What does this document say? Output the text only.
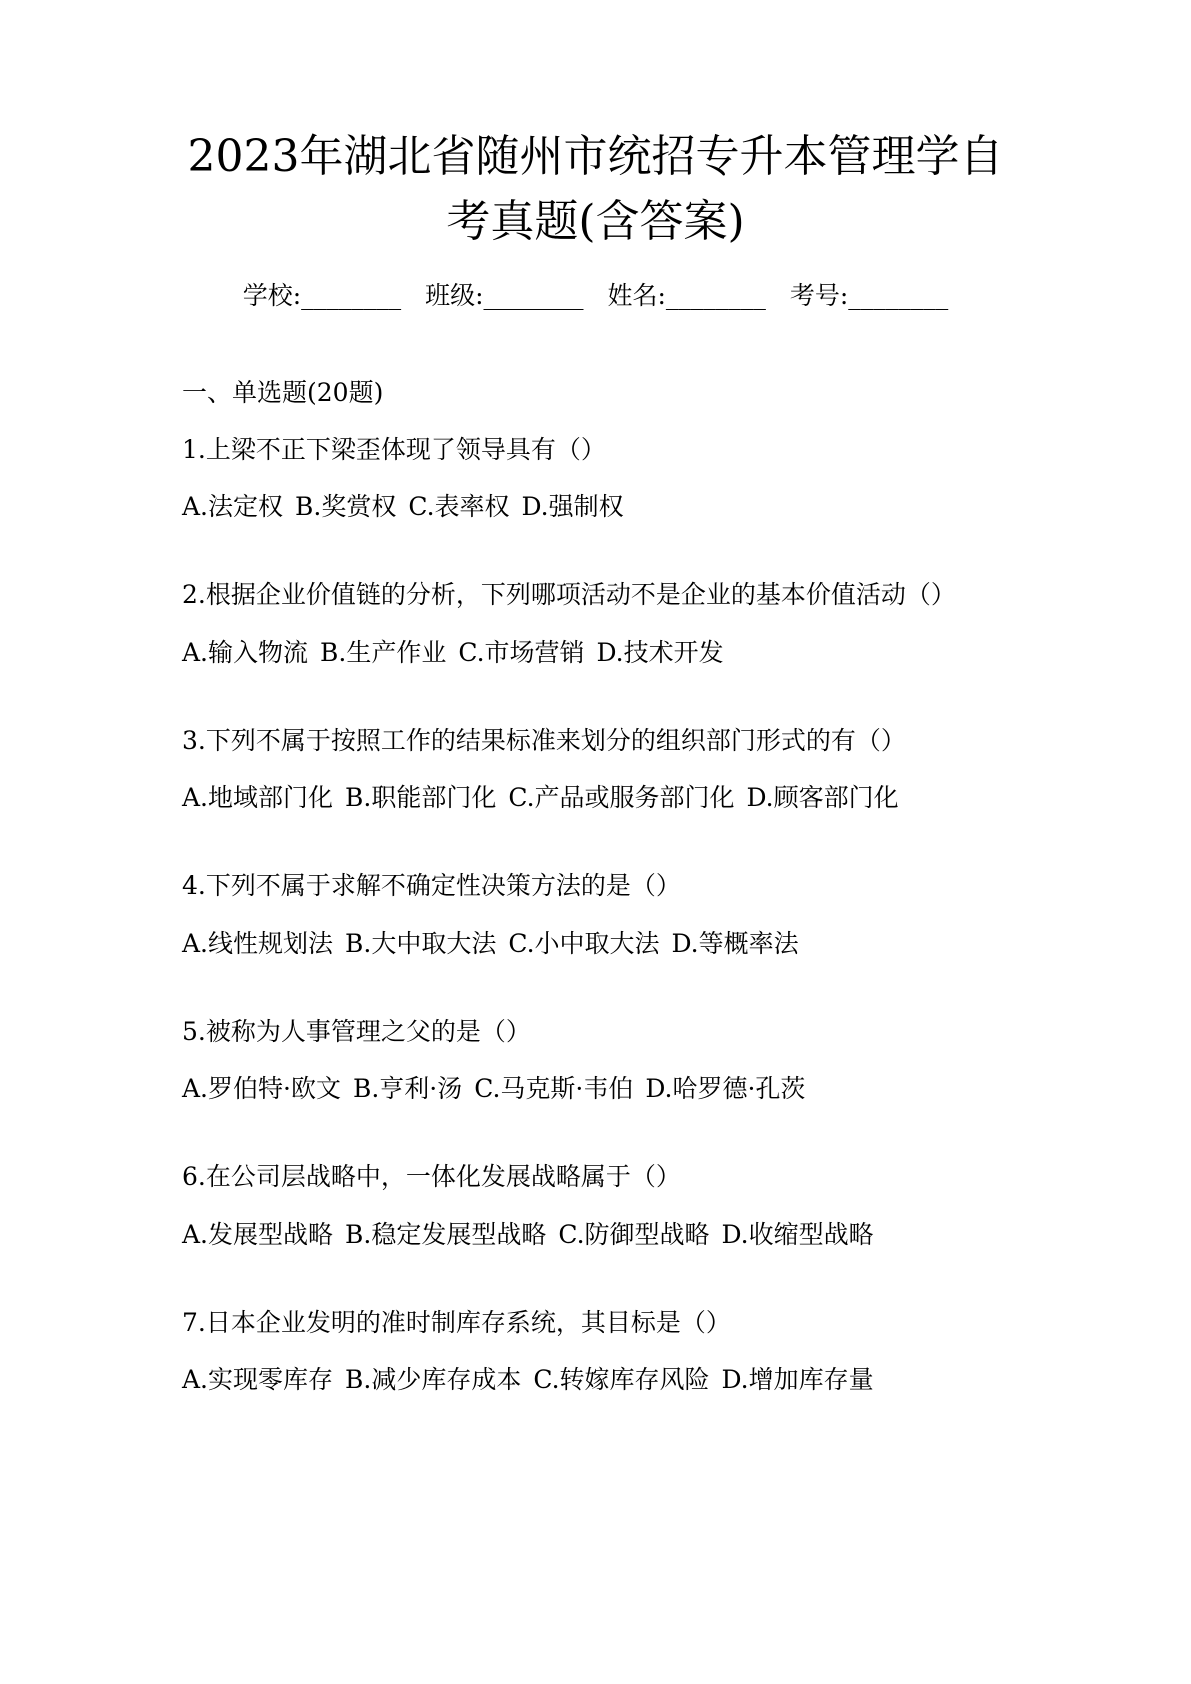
2023年湖北省随州市统招专升本管理学自
考真题(含答案)
学校:________ 班级:________ 姓名:________ 考号:________
一、单选题(20题)
1.上梁不正下梁歪体现了领导具有（）
A.法定权 B.奖赏权 C.表率权 D.强制权
2.根据企业价值链的分析，下列哪项活动不是企业的基本价值活动（）
A.输入物流 B.生产作业 C.市场营销 D.技术开发
3.下列不属于按照工作的结果标准来划分的组织部门形式的有（）
A.地域部门化 B.职能部门化 C.产品或服务部门化 D.顾客部门化
4.下列不属于求解不确定性决策方法的是（）
A.线性规划法 B.大中取大法 C.小中取大法 D.等概率法
5.被称为人事管理之父的是（）
A.罗伯特·欧文 B.亨利·汤 C.马克斯·韦伯 D.哈罗德·孔茨
6.在公司层战略中，一体化发展战略属于（）
A.发展型战略 B.稳定发展型战略 C.防御型战略 D.收缩型战略
7.日本企业发明的准时制库存系统，其目标是（）
A.实现零库存 B.减少库存成本 C.转嫁库存风险 D.增加库存量
